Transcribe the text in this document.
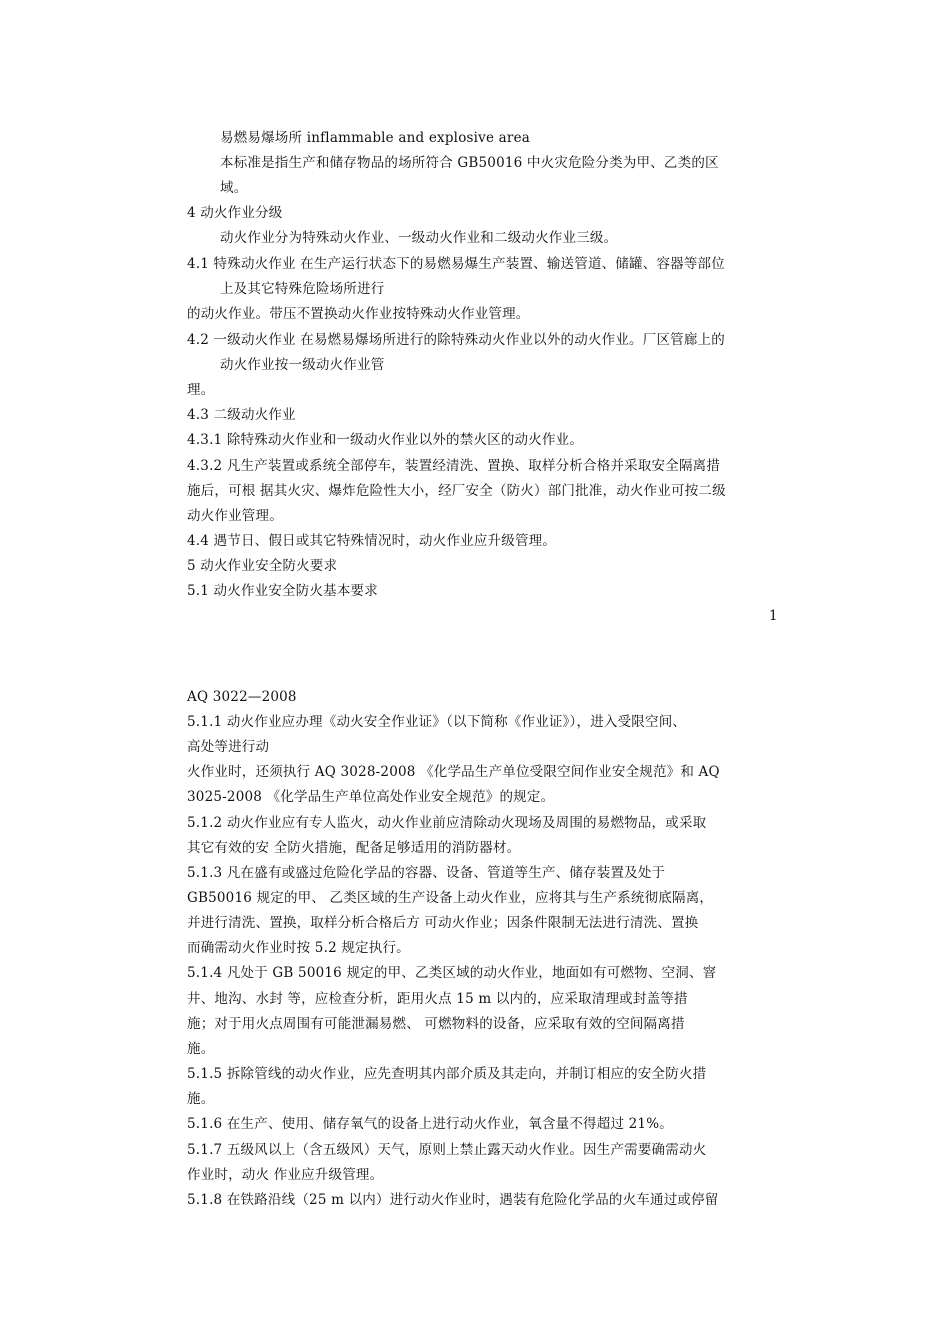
易燃易爆场所 inflammable and explosive area
本标准是指生产和储存物品的场所符合 GB50016 中火灾危险分类为甲、乙类的区
域。
4 动火作业分级
动火作业分为特殊动火作业、一级动火作业和二级动火作业三级。
4.1 特殊动火作业 在生产运行状态下的易燃易爆生产装置、输送管道、储罐、容器等部位
上及其它特殊危险场所进行
的动火作业。带压不置换动火作业按特殊动火作业管理。
4.2 一级动火作业 在易燃易爆场所进行的除特殊动火作业以外的动火作业。厂区管廊上的
动火作业按一级动火作业管
理。
4.3 二级动火作业
4.3.1 除特殊动火作业和一级动火作业以外的禁火区的动火作业。
4.3.2 凡生产装置或系统全部停车，装置经清洗、置换、取样分析合格并采取安全隔离措
施后，可根 据其火灾、爆炸危险性大小，经厂安全（防火）部门批准，动火作业可按二级
动火作业管理。
4.4 遇节日、假日或其它特殊情况时，动火作业应升级管理。
5 动火作业安全防火要求
5.1 动火作业安全防火基本要求
1
AQ 3022—2008
5.1.1 动火作业应办理《动火安全作业证》（以下简称《作业证》），进入受限空间、
高处等进行动
火作业时，还须执行 AQ 3028-2008 《化学品生产单位受限空间作业安全规范》和 AQ
3025-2008 《化学品生产单位高处作业安全规范》的规定。
5.1.2 动火作业应有专人监火，动火作业前应清除动火现场及周围的易燃物品，或采取
其它有效的安 全防火措施，配备足够适用的消防器材。
5.1.3 凡在盛有或盛过危险化学品的容器、设备、管道等生产、储存装置及处于
GB50016 规定的甲、 乙类区域的生产设备上动火作业，应将其与生产系统彻底隔离，
并进行清洗、置换，取样分析合格后方 可动火作业；因条件限制无法进行清洗、置换
而确需动火作业时按 5.2 规定执行。
5.1.4 凡处于 GB 50016 规定的甲、乙类区域的动火作业，地面如有可燃物、空洞、窨
井、地沟、水封 等，应检查分析，距用火点 15 m 以内的，应采取清理或封盖等措
施；对于用火点周围有可能泄漏易燃、 可燃物料的设备，应采取有效的空间隔离措
施。
5.1.5 拆除管线的动火作业，应先查明其内部介质及其走向，并制订相应的安全防火措
施。
5.1.6 在生产、使用、储存氧气的设备上进行动火作业，氧含量不得超过 21%。
5.1.7 五级风以上（含五级风）天气，原则上禁止露天动火作业。因生产需要确需动火
作业时，动火 作业应升级管理。
5.1.8 在铁路沿线（25 m 以内）进行动火作业时，遇装有危险化学品的火车通过或停留
